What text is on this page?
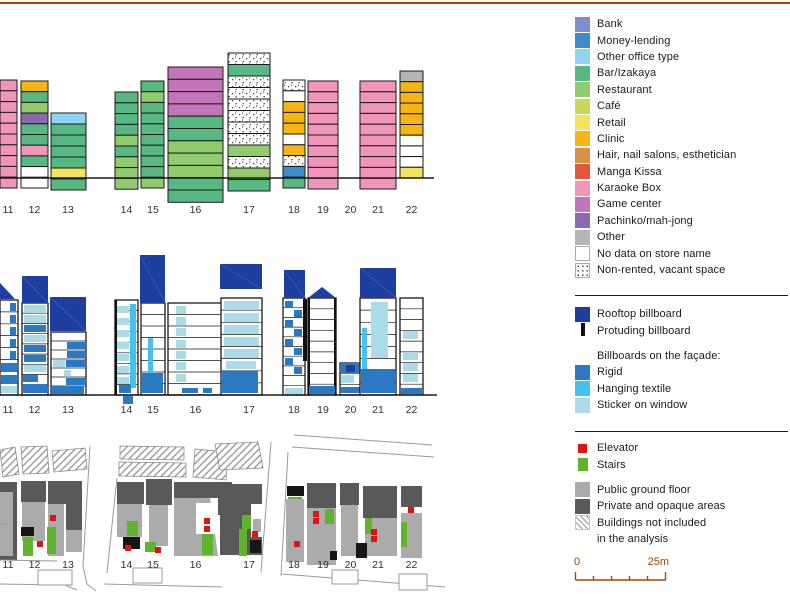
11 12 13	14 15	16	17	18 19 20 21 22
11 12 13	14 15	16	17	18 19 20 21 22
11 12 13	14 15	16	17	18 19 20 21 22
Bank
Money-lending
Other office type
Bar/Izakaya
Restaurant
Café
Retail
Clinic
Hair, nail salons, esthetician
Manga Kissa
Karaoke Box
Game center
Pachinko/mah-jong
Other
No data on store name
Non-rented, vacant space
Rooftop billboard
Protuding billboard
Billboards on the façade:
Rigid
Hanging textile
Sticker on window
Elevator
Stairs
Public ground floor
Private and opaque areas
Buildings not included
in the analysis
0	25m
